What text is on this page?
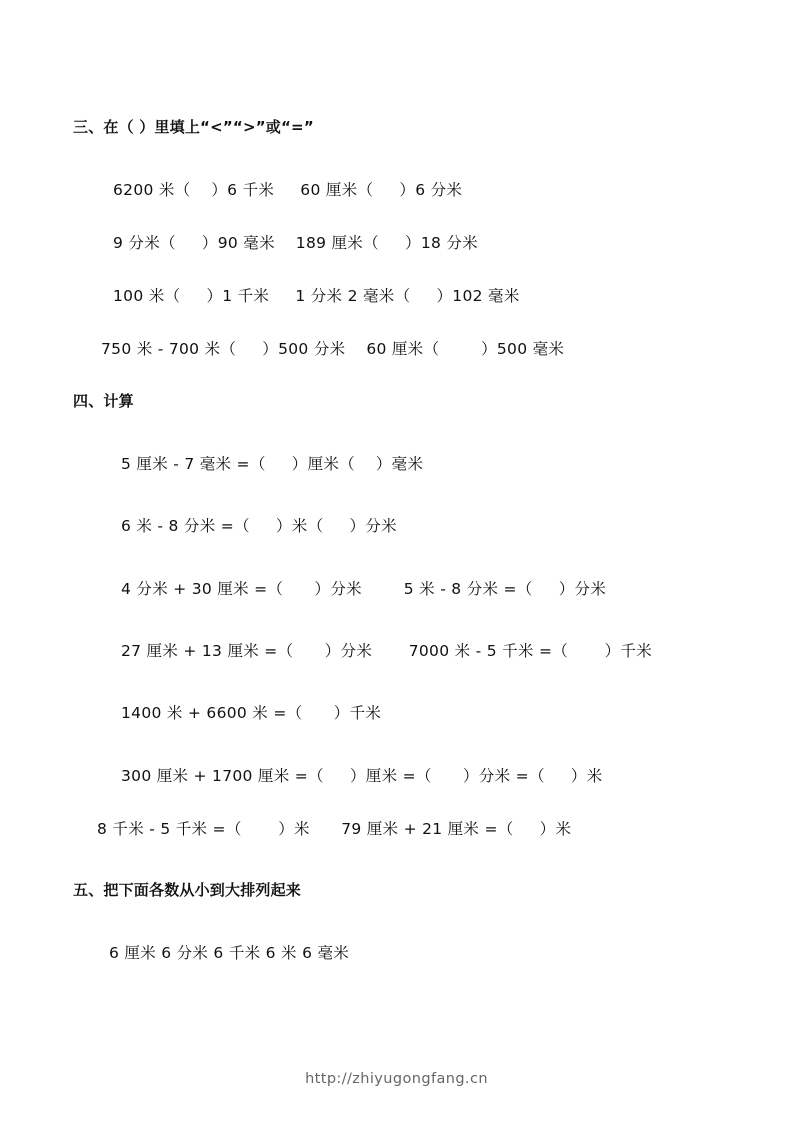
三、在（ ）里填上“<”“>”或“=”
6200 米（    ）6 千米     60 厘米（     ）6 分米
9 分米（     ）90 毫米    189 厘米（     ）18 分米
100 米（     ）1 千米     1 分米 2 毫米（     ）102 毫米
750 米 - 700 米（     ）500 分米    60 厘米（        ）500 毫米
四、计算
5 厘米 - 7 毫米 =（     ）厘米（    ）毫米
6 米 - 8 分米 =（     ）米（     ）分米
4 分米 + 30 厘米 =（      ）分米        5 米 - 8 分米 =（     ）分米
27 厘米 + 13 厘米 =（      ）分米       7000 米 - 5 千米 =（       ）千米
1400 米 + 6600 米 =（      ）千米
300 厘米 + 1700 厘米 =（     ）厘米 =（      ）分米 =（     ）米
8 千米 - 5 千米 =（       ）米      79 厘米 + 21 厘米 =（     ）米
五、把下面各数从小到大排列起来
6 厘米 6 分米 6 千米 6 米 6 毫米
http://zhiyugongfang.cn
